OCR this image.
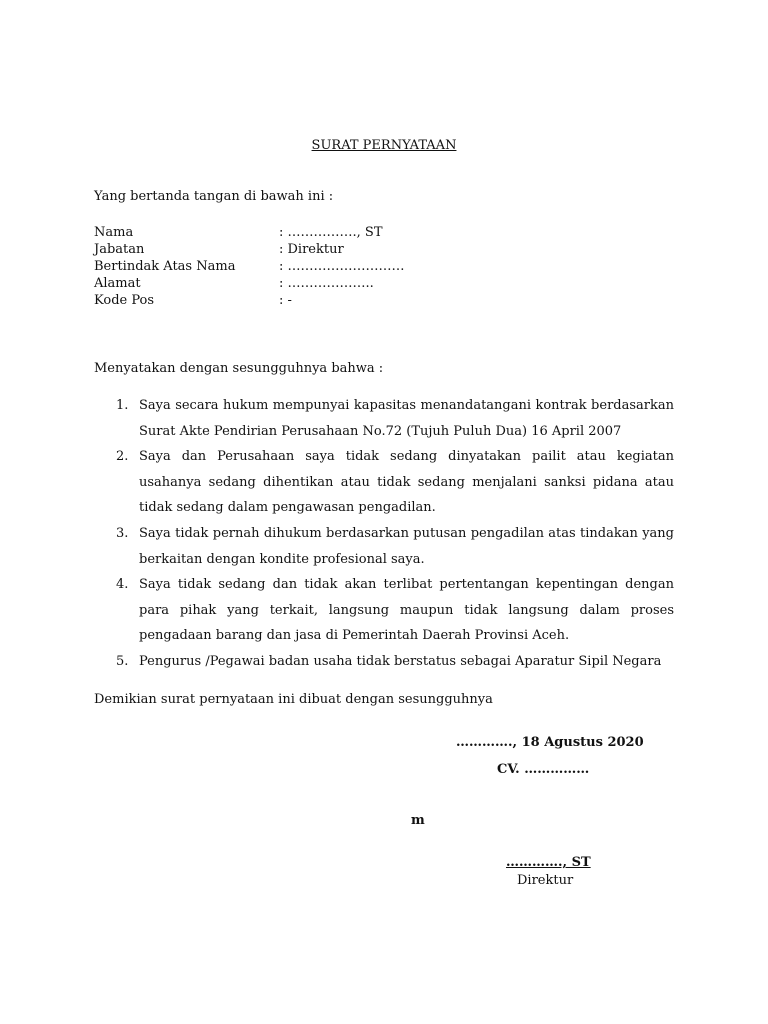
SURAT PERNYATAAN
Yang bertanda tangan di bawah ini :
Nama	: ……………., ST
Jabatan	: Direktur
Bertindak Atas Nama	: ………………………
Alamat	: ………………..
Kode Pos	: -
Menyatakan dengan sesungguhnya bahwa :
1. Saya secara hukum mempunyai kapasitas menandatangani kontrak berdasarkan Surat Akte Pendirian Perusahaan No.72 (Tujuh Puluh Dua) 16 April 2007
2. Saya dan Perusahaan saya tidak sedang dinyatakan pailit atau kegiatan usahanya sedang dihentikan atau tidak sedang menjalani sanksi pidana atau tidak sedang dalam pengawasan pengadilan.
3. Saya tidak pernah dihukum berdasarkan putusan pengadilan atas tindakan yang berkaitan dengan kondite profesional saya.
4. Saya tidak sedang dan tidak akan terlibat pertentangan kepentingan dengan para pihak yang terkait, langsung maupun tidak langsung dalam proses pengadaan barang dan jasa di Pemerintah Daerah Provinsi Aceh.
5. Pengurus /Pegawai badan usaha tidak berstatus sebagai Aparatur Sipil Negara
Demikian surat pernyataan ini dibuat dengan sesungguhnya
…………., 18 Agustus 2020
CV. ……………
m
…………., ST
Direktur
